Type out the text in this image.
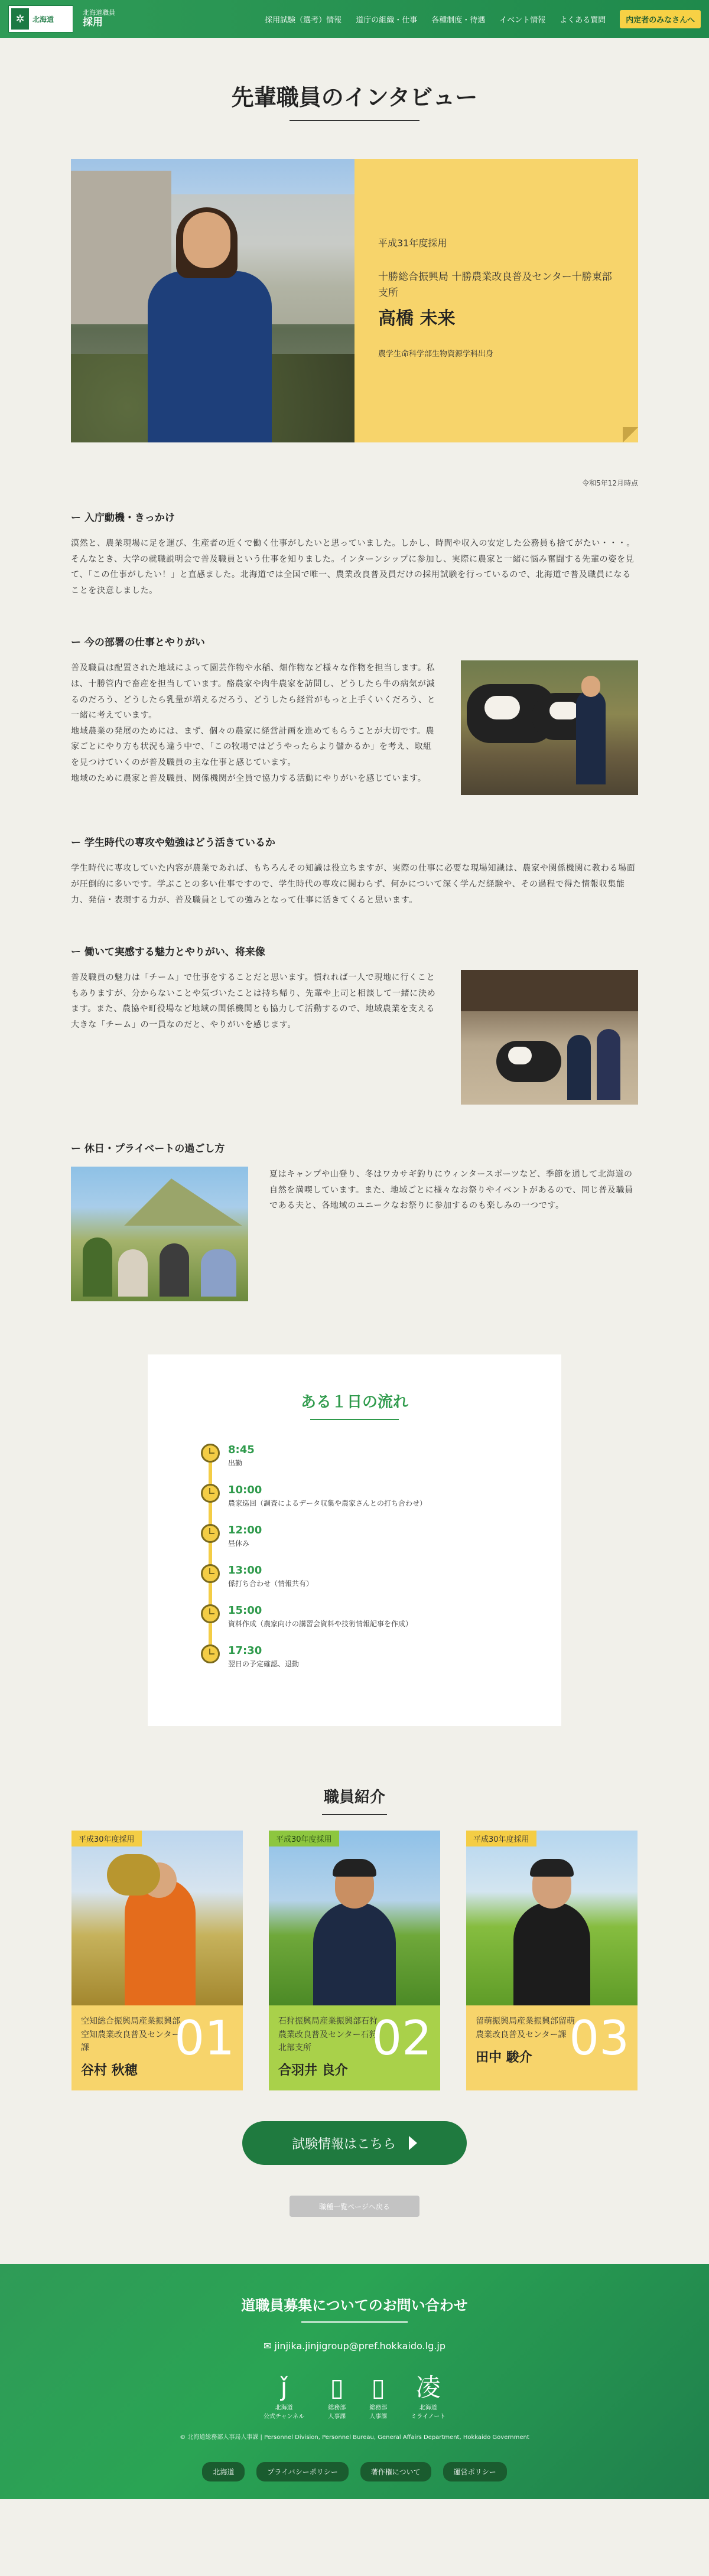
✲	北海道
北海道職員
採用	採用試験（選考）情報 道庁の組織・仕事 各種制度・待遇 イベント情報 よくある質問	内定者のみなさんへ
先輩職員のインタビュー
平成31年度採用
十勝総合振興局 十勝農業改良普及センター十勝東部支所
高橋 未来
農学生命科学部生物資源学科出身
令和5年12月時点
ー 入庁動機・きっかけ

漠然と、農業現場に足を運び、生産者の近くで働く仕事がしたいと思っていました。しかし、時間や収入の安定した公務員も捨てがたい・・・。そんなとき、大学の就職説明会で普及職員という仕事を知りました。インターンシップに参加し、実際に農家と一緒に悩み奮闘する先輩の姿を見て、「この仕事がしたい！」と直感ました。北海道では全国で唯一、農業改良普及員だけの採用試験を行っているので、北海道で普及職員になることを決意しました。

ー 今の部署の仕事とやりがい

普及職員は配置された地域によって園芸作物や水稲、畑作物など様々な作物を担当します。私は、十勝管内で畜産を担当しています。酪農家や肉牛農家を訪問し、どうしたら牛の病気が減るのだろう、どうしたら乳量が増えるだろう、どうしたら経営がもっと上手くいくだろう、と一緒に考えています。
地域農業の発展のためには、まず、個々の農家に経営計画を進めてもらうことが大切です。農家ごとにやり方も状況も違う中で、「この牧場ではどうやったらより儲かるか」を考え、取組を見つけていくのが普及職員の主な仕事と感じています。
地域のために農家と普及職員、関係機関が全員で協力する活動にやりがいを感じています。

ー 学生時代の専攻や勉強はどう活きているか

学生時代に専攻していた内容が農業であれば、もちろんその知識は役立ちますが、実際の仕事に必要な現場知識は、農家や関係機関に教わる場面が圧倒的に多いです。学ぶことの多い仕事ですので、学生時代の専攻に関わらず、何かについて深く学んだ経験や、その過程で得た情報収集能力、発信・表現する力が、普及職員としての強みとなって仕事に活きてくると思います。

ー 働いて実感する魅力とやりがい、将来像

普及職員の魅力は「チーム」で仕事をすることだと思います。慣れれば一人で現地に行くこともありますが、分からないことや気づいたことは持ち帰り、先輩や上司と相談して一緒に決めます。また、農協や町役場など地域の関係機関とも協力して活動するので、地域農業を支える大きな「チーム」の一員なのだと、やりがいを感じます。

ー 休日・プライベートの過ごし方

夏はキャンプや山登り、冬はワカサギ釣りにウィンタースポーツなど、季節を通して北海道の自然を満喫しています。また、地域ごとに様々なお祭りやイベントがあるので、同じ普及職員である夫と、各地域のユニークなお祭りに参加するのも楽しみの一つです。

ある１日の流れ
8:45
出勤
10:00
農家巡回（調査によるデータ収集や農家さんとの打ち合わせ）
12:00
昼休み
13:00
係打ち合わせ（情報共有）
15:00
資料作成（農家向けの講習会資料や技術情報記事を作成）
17:30
翌日の予定確認、退勤
職員紹介
平成30年度採用
空知総合振興局産業振興部空知農業改良普及センター課
谷村 秋穂
01
平成30年度採用
石狩振興局産業振興部石狩農業改良普及センター石狩北部支所
合羽井 良介
02
平成30年度採用
留萌振興局産業振興部留萌農業改良普及センター課
田中 駿介 03
試験情報はこちら
職種一覧ページへ戻る
道職員募集についてのお問い合わせ
✉ jinjika.jinjigroup@pref.hokkaido.lg.jp
ǰ
北海道
公式チャンネル
▯
総務部
人事課
▯
総務部
人事課
凌
北海道
ミライノート
© 北海道総務部人事局人事課 | Personnel Division, Personnel Bureau, General Affairs Department, Hokkaido Government
北海道	プライバシーポリシー	著作権について	運営ポリシー
